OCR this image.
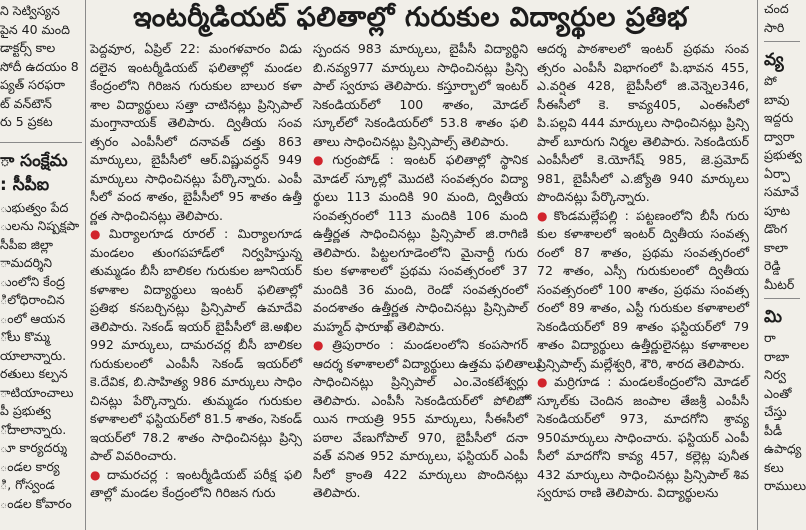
ఇంటర్మీడియట్ ఫలితాల్లో గురుకుల విద్యార్థుల ప్రతిభ
ని సెట్విస్యన
పైన 40 మంది
డాక్టర్స్ కాల
సోదీ ఉదయం 8
ప్యత్ సరఫరా
ట్ వన్‌టౌన్
రు 5 ప్రకట
ా సంక్షేమ
: సీపీఐ
ుభుత్వం పేద
ులను నిష్పక్షపా
సీపీఐ జిల్లా
ామదర్శిని
ుంలోని కేంద్ర
ిలోధిరాంచిన
ంలో ఆయన
ోలు కొమ్మ
యాలాన్నారు.
రతులు కల్పన
ాటియాంచాలు
పీ ప్రభుత్వ
ోదాలాన్నారు.
ూ కార్యదర్శు
ండల కార్య
ి, గోస్వండ
ండల కోవారం
పెద్దవూర, ఏప్రిల్ 22: మంగళవారం విడు
దలైన ఇంటర్మీడియట్ ఫలితాల్లో మండల
కేంద్రంలోని గిరిజన గురుకుల బాలుర కళా
శాల విద్యార్థులు సత్తా చాటినట్లు ప్రిన్సిపాల్
మంగ్తానాయక్ తెలిపారు. ద్వితీయ సంవ
త్సరం ఎంపీసీలో దనావత్ దత్తు 863
మార్కులు, బైపీసీలో ఆర్.విష్ణువర్ధన్ 949
మార్కులు సాధించినట్లు పేర్కొన్నారు. ఎంపీ
సీలో వంద శాతం, బైపీసీలో 95 శాతం ఉత్తీ
ర్ణత సాధించినట్లు తెలిపారు.
● మిర్యాలగూడ రూరల్ : మిర్యాలగూడ
మండలం తుంగపహాడ్‌లో నిర్వహిస్తున్న
తుమ్మడం బీసీ బాలికల గురుకుల జూనియర్
కళాశాల విద్యార్థులు ఇంటర్ ఫలితాల్లో
ప్రతిభ కనబర్చినట్లు ప్రిన్సిపాల్ ఉమాదేవి
తెలిపారు. సెకండ్ ఇయర్ బైపీసీలో జె.అఖిల
992 మార్కులు, దామరచర్ల బీసీ బాలికల
గురుకులంలో ఎంపీసీ సెకండ్ ఇయర్‌లో
కె.దేవిక, బి.సాహిత్య 986 మార్కులు సాధిం
చినట్లు పేర్కొన్నారు. తుమ్మడం గురుకుల
కళాశాలలో ఫస్టియర్‌లో 81.5 శాతం, సెకండ్
ఇయర్‌లో 78.2 శాతం సాధించినట్లు ప్రిన్సి
పాల్ వివరించారు.
● దామరచర్ల : ఇంటర్మీడియట్ పరీక్ష ఫలి
తాల్లో మండల కేంద్రంలోని గిరిజన గురు
స్పందన 983 మార్కులు, బైపీసీ విద్యార్థిని
బి.నవ్య977 మార్కులు సాధించినట్లు ప్రిన్సి
పాల్ స్వరూప తెలిపారు. కస్తూర్బాలో ఇంటర్
సెకండియర్‌లో 100 శాతం, మోడల్
స్కూల్‌లో సెకండియర్‌లో 53.8 శాతం ఫలి
తాలు సాధించినట్లు ప్రిన్సిపాల్స్ తెలిపారు.
● గుర్రంపోడ్ : ఇంటర్ ఫలితాల్లో స్థానిక
మోడల్ స్కూల్లో మొదటి సంవత్సరం విద్యా
ర్థులు 113 మందికి 90 మంది, ద్వితీయ
సంవత్సరంలో 113 మందికి 106 మంది
ఉత్తీర్ణత సాధించినట్లు ప్రిన్సిపాల్ జి.రాగిణి
తెలిపారు. పిట్టలగూడెంలోని మైనార్టీ గురు
కుల కళాశాలలో ప్రథమ సంవత్సరంలో 37
మందికి 36 మంది, రెండో సంవత్సరంలో
వందశాతం ఉత్తీర్ణత సాధించినట్లు ప్రిన్సిపాల్
మహ్మద్ ఫారూఖ్ తెలిపారు.
● త్రిపురారం : మండలంలోని కంపసాగర్
ఆదర్శ కళాశాలలో విద్యార్థులు ఉత్తమ ఫలితాలు
సాధించినట్లు ప్రిన్సిపాల్ ఎం.వెంకటేశ్వర్లు
తెలిపారు. ఎంపీసీ సెకండియర్‌లో పోలిబోో
యిన గాయత్రి 955 మార్కులు, సీఈసీలో
పఠాల వేణుగోపాల్ 970, బైపీసీలో దనా
వత్ వనిత 952 మార్కులు, ఫస్టియర్ ఎంపీ
సీలో క్రాంతి 422 మార్కులు పొందినట్లు
తెలిపారు.
ఆదర్శ పాఠశాలలో ఇంటర్ ప్రథమ సంవ
త్సరం ఎంపీసీ విభాగంలో పి.భావన 455,
ఎ.వర్షిత 428, బైపీసీలో జి.వెన్నెల346,
సీఈసీలో కె. కావ్య405, ఎంఈసీలో
పి.పల్లవి 444 మార్కులు సాధించినట్లు ప్రిన్సి
పాల్ బూరుగు నిర్మల తెలిపారు. సెకండియర్
ఎంపీసీలో కె.యోగేష్ 985, జె.ప్రమోద్
981, బైపీసీలో ఎ.జ్యోతి 940 మార్కులు
పొందినట్లు పేర్కొన్నారు.
● కొండమల్లేపల్లి : పట్టణంలోని బీసీ గురు
కుల కళాశాలలో ఇంటర్ ద్వితీయ సంవత్స
రంలో 87 శాతం, ప్రథమ సంవత్సరంలో
72 శాతం, ఎస్సీ గురుకులంలో ద్వితీయ
సంవత్సరంలో 100 శాతం, ప్రథమ సంవత్స
రంలో 89 శాతం, ఎస్టీ గురుకుల కళాశాలలో
సెకండియర్‌లో 89 శాతం ఫస్టియర్‌లో 79
శాతం విద్యార్థులు ఉత్తీర్ణులైనట్లు కళాశాలల
ప్రిన్సిపాల్స్ మల్లేశ్వరి, శౌరి, శారద తెలిపారు.
● మర్రిగూడ : మండలకేంద్రంలోని మోడల్
స్కూల్‌కు చెందిన జంపాల తేజశ్రీ ఎంపీసీ
సెకండియర్‌లో 973, మాదగోని శ్రావ్య
950మార్కులు సాధించారు. ఫస్టియర్ ఎంపీ
సీలో మాదగోని కావ్య 457, కల్లెట్ల పునీత
432 మార్కులు సాధించినట్లు ప్రిన్సిపాల్ శివ
స్వరూప రాణి తెలిపారు. విద్యార్థులను
చంద
సారి
వ్య
పో
బావు
ఇద్దరు
ద్వారా
ప్రభుత్వ
ఏర్పా
సమావే
పూట
డొంగ
కాలా
రెడ్డి
మీటర్
మి
రా
రాబా
నిర్వ
ఎంతో
చేస్తు
పీడీ
ఉపాధ్య
కలు
రాములు
